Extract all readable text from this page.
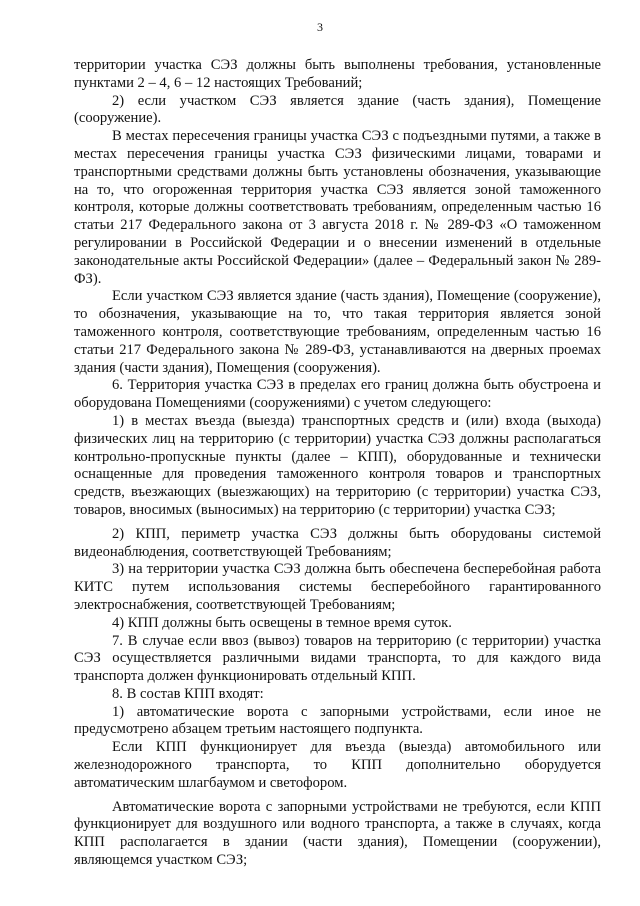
3

территории участка СЭЗ должны быть выполнены требования, установленные пунктами 2 – 4, 6 – 12 настоящих Требований;

2) если участком СЭЗ является здание (часть здания), Помещение (сооружение).

В местах пересечения границы участка СЭЗ с подъездными путями, а также в местах пересечения границы участка СЭЗ физическими лицами, товарами и транспортными средствами должны быть установлены обозначения, указывающие на то, что огороженная территория участка СЭЗ является зоной таможенного контроля, которые должны соответствовать требованиям, определенным частью 16 статьи 217 Федерального закона от 3 августа 2018 г. № 289-ФЗ «О таможенном регулировании в Российской Федерации и о внесении изменений в отдельные законодательные акты Российской Федерации» (далее – Федеральный закон № 289-ФЗ).

Если участком СЭЗ является здание (часть здания), Помещение (сооружение), то обозначения, указывающие на то, что такая территория является зоной таможенного контроля, соответствующие требованиям, определенным частью 16 статьи 217 Федерального закона № 289-ФЗ, устанавливаются на дверных проемах здания (части здания), Помещения (сооружения).

6. Территория участка СЭЗ в пределах его границ должна быть обустроена и оборудована Помещениями (сооружениями) с учетом следующего:

1) в местах въезда (выезда) транспортных средств и (или) входа (выхода) физических лиц на территорию (с территории) участка СЭЗ должны располагаться контрольно-пропускные пункты (далее – КПП), оборудованные и технически оснащенные для проведения таможенного контроля товаров и транспортных средств, въезжающих (выезжающих) на территорию (с территории) участка СЭЗ, товаров, вносимых (выносимых) на территорию (с территории) участка СЭЗ;

2) КПП, периметр участка СЭЗ должны быть оборудованы системой видеонаблюдения, соответствующей Требованиям;

3) на территории участка СЭЗ должна быть обеспечена бесперебойная работа КИТС путем использования системы бесперебойного гарантированного электроснабжения, соответствующей Требованиям;

4) КПП должны быть освещены в темное время суток.

7. В случае если ввоз (вывоз) товаров на территорию (с территории) участка СЭЗ осуществляется различными видами транспорта, то для каждого вида транспорта должен функционировать отдельный КПП.

8. В состав КПП входят:

1) автоматические ворота с запорными устройствами, если иное не предусмотрено абзацем третьим настоящего подпункта.

Если КПП функционирует для въезда (выезда) автомобильного или железнодорожного транспорта, то КПП дополнительно оборудуется автоматическим шлагбаумом и светофором.

Автоматические ворота с запорными устройствами не требуются, если КПП функционирует для воздушного или водного транспорта, а также в случаях, когда КПП располагается в здании (части здания), Помещении (сооружении), являющемся участком СЭЗ;
